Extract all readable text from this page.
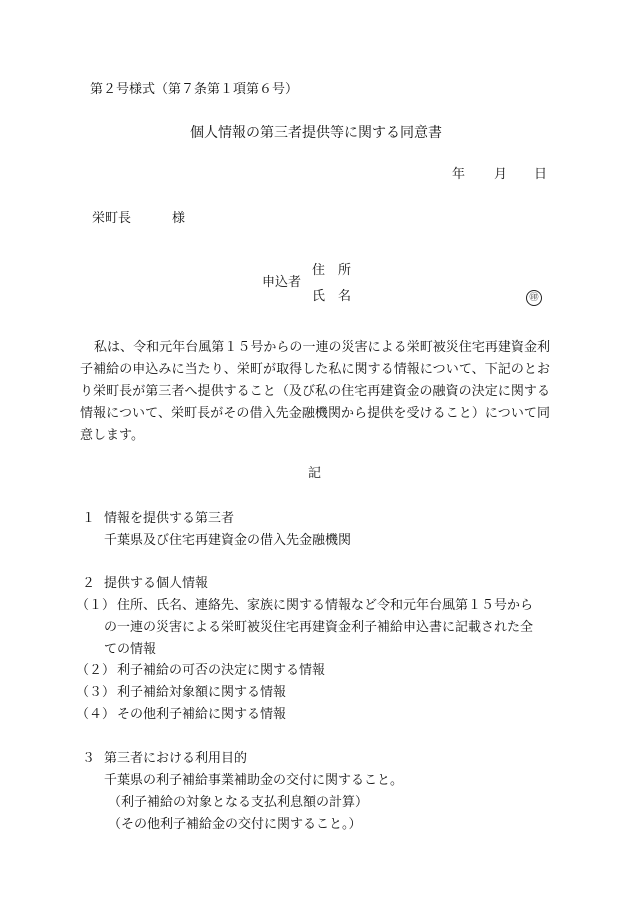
第２号様式（第７条第１項第６号）
個人情報の第三者提供等に関する同意書
年 月 日
栄町長	様
申込者
住　所
氏　名	㊞
私は、令和元年台風第１５号からの一連の災害による栄町被災住宅再建資金利子補給の申込みに当たり、栄町が取得した私に関する情報について、下記のとおり栄町長が第三者へ提供すること（及び私の住宅再建資金の融資の決定に関する情報について、栄町長がその借入先金融機関から提供を受けること）について同意します。
記
１ 情報を提供する第三者
千葉県及び住宅再建資金の借入先金融機関
２ 提供する個人情報
（１） 住所、氏名、連絡先、家族に関する情報など令和元年台風第１５号から
の一連の災害による栄町被災住宅再建資金利子補給申込書に記載された全
ての情報
（２） 利子補給の可否の決定に関する情報
（３） 利子補給対象額に関する情報
（４） その他利子補給に関する情報
３ 第三者における利用目的
千葉県の利子補給事業補助金の交付に関すること。
（利子補給の対象となる支払利息額の計算）
（その他利子補給金の交付に関すること。）
